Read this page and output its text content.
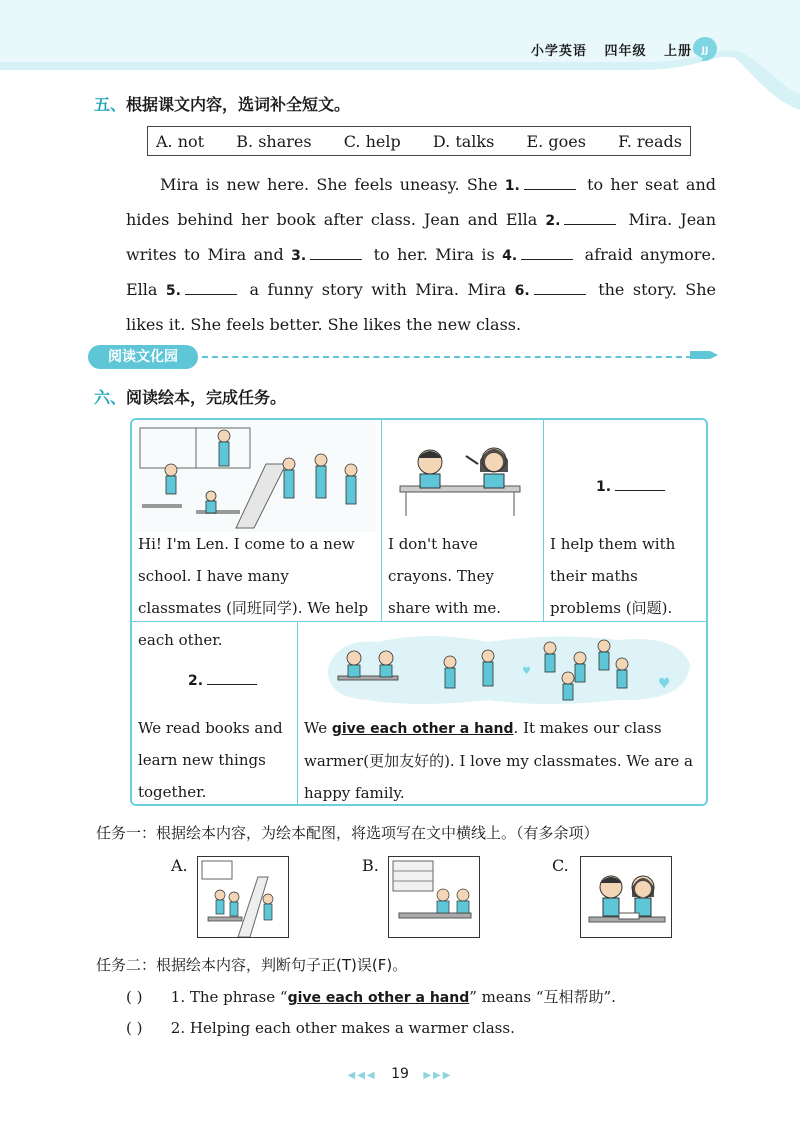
小学英语 四年级 上册 JJ
五、根据课文内容，选词补全短文。
A. not B. shares C. help D. talks E. goes F. reads

Mira is new here. She feels uneasy. She 1.	to her seat and hides behind her book after class. Jean and Ella 2.	Mira. Jean writes to Mira and 3.	to her. Mira is 4.	afraid anymore. Ella 5.	a funny story with Mira. Mira 6.	the story. She likes it. She feels better. She likes the new class.

阅读文化园
六、阅读绘本，完成任务。
Hi! I'm Len. I come to a new school. I have many classmates (同班同学). We help each other.
I don't have crayons. They share with me.
1.
I help them with their maths problems (问题).
2.
We read books and learn new things together.
♥
♥
We give each other a hand. It makes our class warmer(更加友好的). I love my classmates. We are a happy family.
任务一：根据绘本内容，为绘本配图，将选项写在文中横线上。（有多余项）
A.	B.	C.
任务二：根据绘本内容，判断句子正(T)误(F)。
( ) 1. The phrase “give each other a hand” means “互相帮助”.
( ) 2. Helping each other makes a warmer class.
◀◀◀ 19 ▶▶▶
